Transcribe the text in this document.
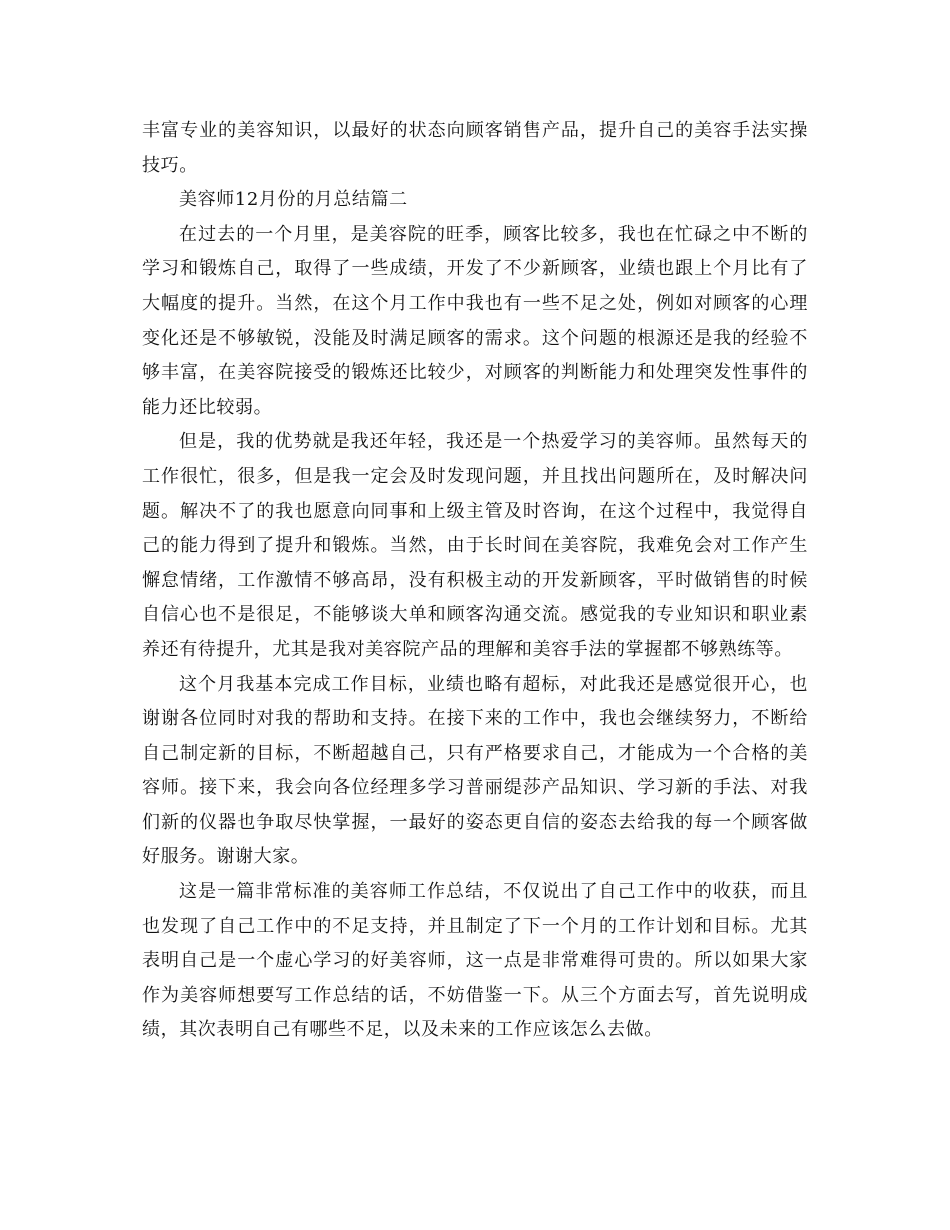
丰富专业的美容知识，以最好的状态向顾客销售产品，提升自己的美容手法实操技巧。

美容师12月份的月总结篇二

在过去的一个月里，是美容院的旺季，顾客比较多，我也在忙碌之中不断的学习和锻炼自己，取得了一些成绩，开发了不少新顾客，业绩也跟上个月比有了大幅度的提升。当然，在这个月工作中我也有一些不足之处，例如对顾客的心理变化还是不够敏锐，没能及时满足顾客的需求。这个问题的根源还是我的经验不够丰富，在美容院接受的锻炼还比较少，对顾客的判断能力和处理突发性事件的能力还比较弱。

但是，我的优势就是我还年轻，我还是一个热爱学习的美容师。虽然每天的工作很忙，很多，但是我一定会及时发现问题，并且找出问题所在，及时解决问题。解决不了的我也愿意向同事和上级主管及时咨询，在这个过程中，我觉得自己的能力得到了提升和锻炼。当然，由于长时间在美容院，我难免会对工作产生懈怠情绪，工作激情不够高昂，没有积极主动的开发新顾客，平时做销售的时候自信心也不是很足，不能够谈大单和顾客沟通交流。感觉我的专业知识和职业素养还有待提升，尤其是我对美容院产品的理解和美容手法的掌握都不够熟练等。

这个月我基本完成工作目标，业绩也略有超标，对此我还是感觉很开心，也谢谢各位同时对我的帮助和支持。在接下来的工作中，我也会继续努力，不断给自己制定新的目标，不断超越自己，只有严格要求自己，才能成为一个合格的美容师。接下来，我会向各位经理多学习普丽缇莎产品知识、学习新的手法、对我们新的仪器也争取尽快掌握，一最好的姿态更自信的姿态去给我的每一个顾客做好服务。谢谢大家。

这是一篇非常标准的美容师工作总结，不仅说出了自己工作中的收获，而且也发现了自己工作中的不足支持，并且制定了下一个月的工作计划和目标。尤其表明自己是一个虚心学习的好美容师，这一点是非常难得可贵的。所以如果大家作为美容师想要写工作总结的话，不妨借鉴一下。从三个方面去写，首先说明成绩，其次表明自己有哪些不足，以及未来的工作应该怎么去做。
